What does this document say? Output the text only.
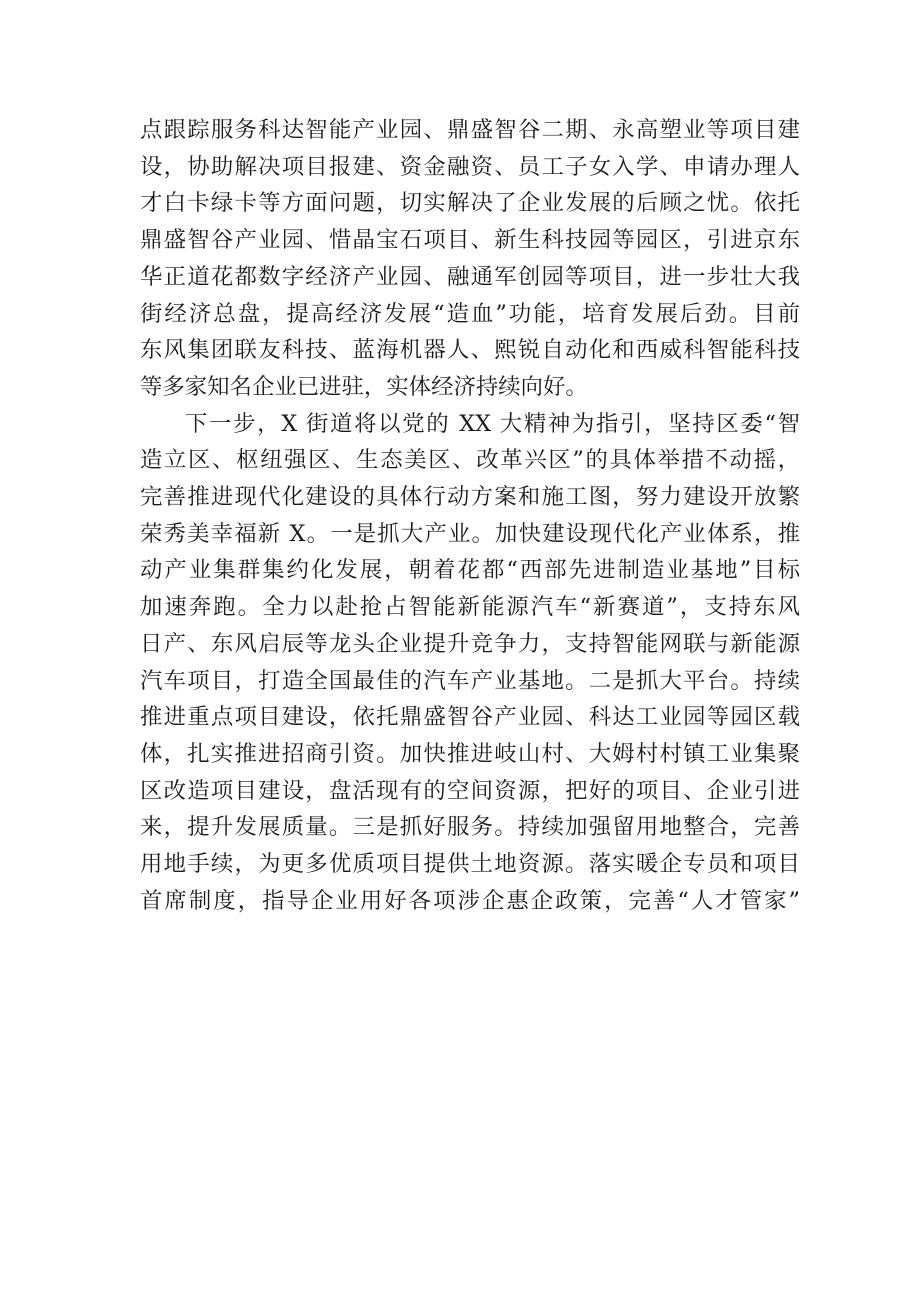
点跟踪服务科达智能产业园、鼎盛智谷二期、永高塑业等项目建
设，协助解决项目报建、资金融资、员工子女入学、申请办理人
才白卡绿卡等方面问题，切实解决了企业发展的后顾之忧。依托
鼎盛智谷产业园、惜晶宝石项目、新生科技园等园区，引进京东
华正道花都数字经济产业园、融通军创园等项目，进一步壮大我
街经济总盘，提高经济发展“造血”功能，培育发展后劲。目前
东风集团联友科技、蓝海机器人、熙锐自动化和西威科智能科技
等多家知名企业已进驻，实体经济持续向好。
下一步，X 街道将以党的 XX 大精神为指引，坚持区委“智
造立区、枢纽强区、生态美区、改革兴区”的具体举措不动摇，
完善推进现代化建设的具体行动方案和施工图，努力建设开放繁
荣秀美幸福新 X。一是抓大产业。加快建设现代化产业体系，推
动产业集群集约化发展，朝着花都“西部先进制造业基地”目标
加速奔跑。全力以赴抢占智能新能源汽车“新赛道”，支持东风
日产、东风启辰等龙头企业提升竞争力，支持智能网联与新能源
汽车项目，打造全国最佳的汽车产业基地。二是抓大平台。持续
推进重点项目建设，依托鼎盛智谷产业园、科达工业园等园区载
体，扎实推进招商引资。加快推进岐山村、大姆村村镇工业集聚
区改造项目建设，盘活现有的空间资源，把好的项目、企业引进
来，提升发展质量。三是抓好服务。持续加强留用地整合，完善
用地手续，为更多优质项目提供土地资源。落实暖企专员和项目
首席制度，指导企业用好各项涉企惠企政策，完善“人才管家”
